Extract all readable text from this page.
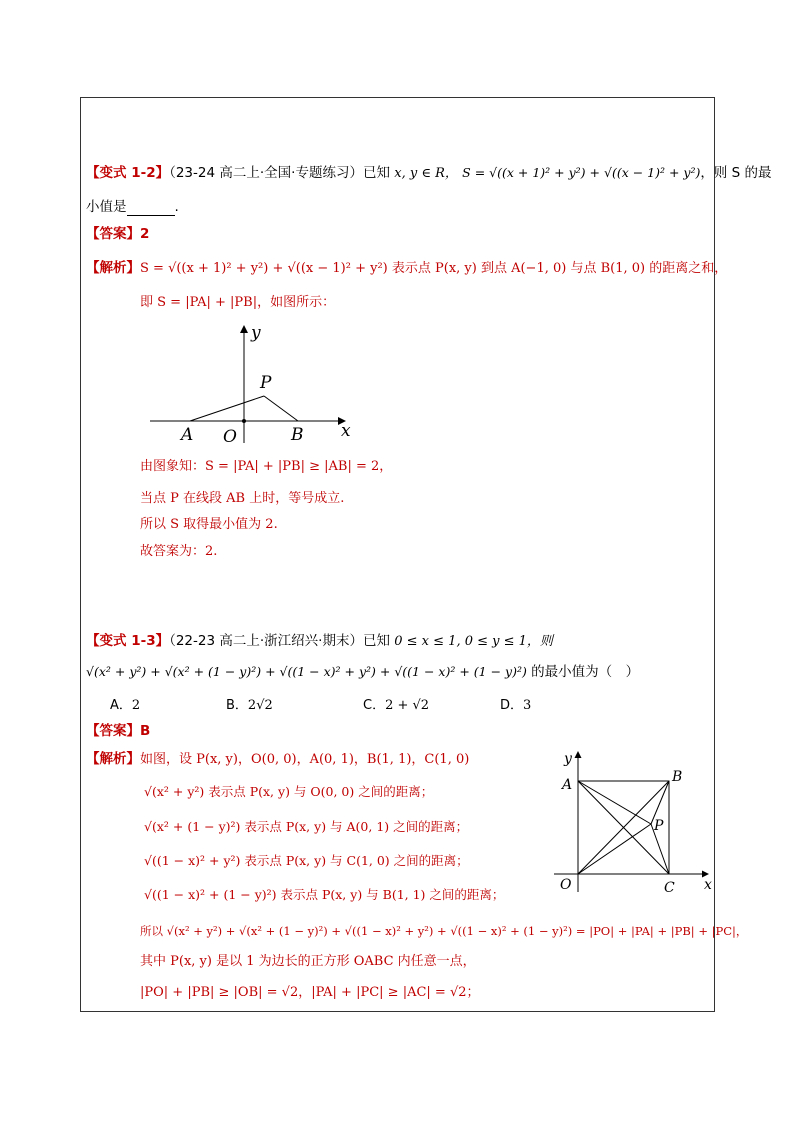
【变式 1-2】（23-24 高二上·全国·专题练习）已知 x, y ∈ R， S = √((x + 1)² + y²) + √((x − 1)² + y²)，则 S 的最
小值是	.
【答案】2
【解析】S = √((x + 1)² + y²) + √((x − 1)² + y²) 表示点 P(x, y) 到点 A(−1, 0) 与点 B(1, 0) 的距离之和，
即 S = |PA| + |PB|，如图所示：
y
x
P
A O	B
由图象知：S = |PA| + |PB| ≥ |AB| = 2，
当点 P 在线段 AB 上时，等号成立.
所以 S 取得最小值为 2.
故答案为：2.
【变式 1-3】（22-23 高二上·浙江绍兴·期末）已知 0 ≤ x ≤ 1, 0 ≤ y ≤ 1，则
√(x² + y²) + √(x² + (1 − y)²) + √((1 − x)² + y²) + √((1 − x)² + (1 − y)²) 的最小值为（　）
A．2	B．2√2	C．2 + √2	D．3
【答案】B
【解析】如图，设 P(x, y)，O(0, 0)，A(0, 1)，B(1, 1)，C(1, 0)
√(x² + y²) 表示点 P(x, y) 与 O(0, 0) 之间的距离；
√(x² + (1 − y)²) 表示点 P(x, y) 与 A(0, 1) 之间的距离；
√((1 − x)² + y²) 表示点 P(x, y) 与 C(1, 0) 之间的距离；
√((1 − x)² + (1 − y)²) 表示点 P(x, y) 与 B(1, 1) 之间的距离；
所以 √(x² + y²) + √(x² + (1 − y)²) + √((1 − x)² + y²) + √((1 − x)² + (1 − y)²) = |PO| + |PA| + |PB| + |PC|，
其中 P(x, y) 是以 1 为边长的正方形 OABC 内任意一点，
|PO| + |PB| ≥ |OB| = √2，|PA| + |PC| ≥ |AC| = √2；
y
x
A	B
P
O	C
